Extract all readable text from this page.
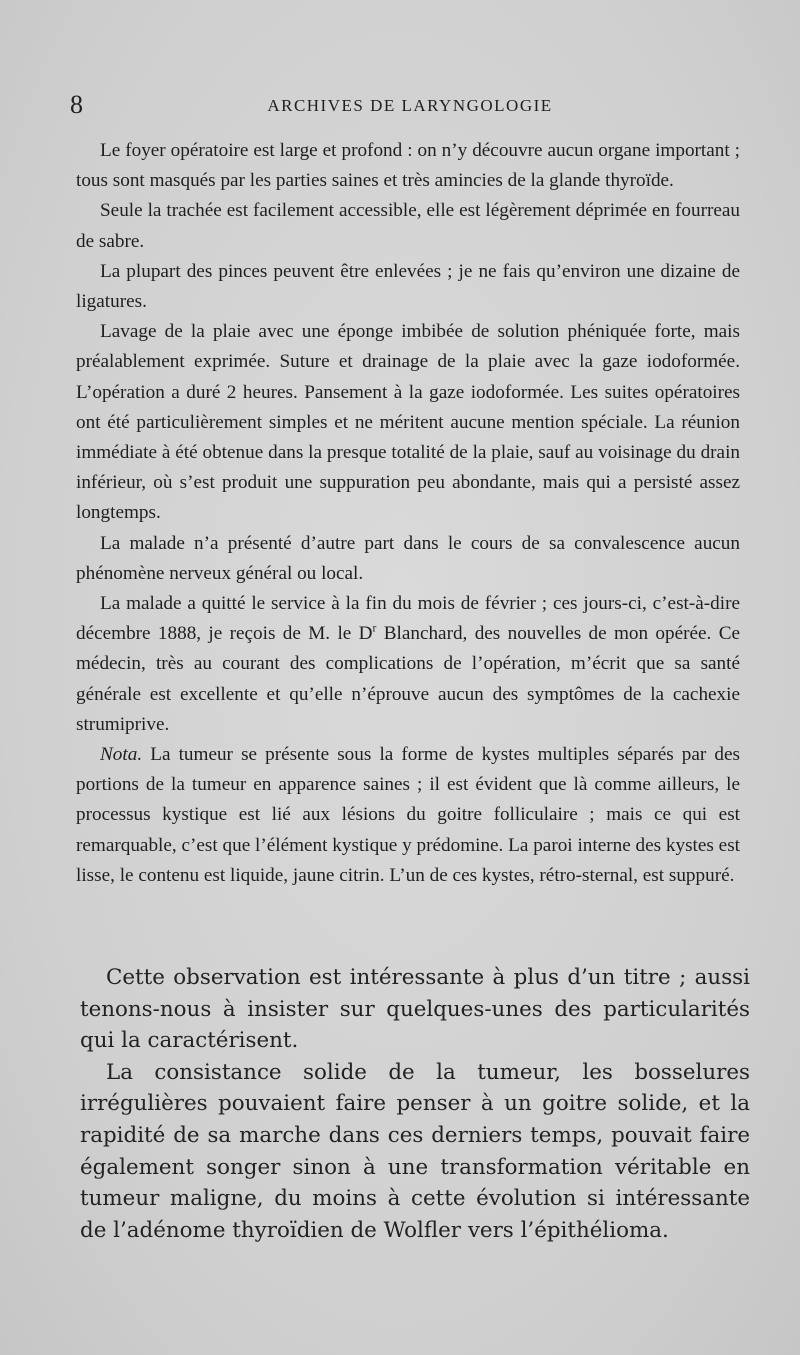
8	ARCHIVES DE LARYNGOLOGIE

Le foyer opératoire est large et profond : on n’y découvre aucun organe important ; tous sont masqués par les parties saines et très amincies de la glande thyroïde.

Seule la trachée est facilement accessible, elle est légèrement déprimée en fourreau de sabre.

La plupart des pinces peuvent être enlevées ; je ne fais qu’environ une dizaine de ligatures.

Lavage de la plaie avec une éponge imbibée de solution phéniquée forte, mais préalablement exprimée. Suture et drainage de la plaie avec la gaze iodoformée. L’opération a duré 2 heures. Pansement à la gaze iodoformée. Les suites opératoires ont été particulièrement simples et ne méritent aucune mention spéciale. La réunion immédiate à été obtenue dans la presque totalité de la plaie, sauf au voisinage du drain inférieur, où s’est produit une suppuration peu abondante, mais qui a persisté assez longtemps.

La malade n’a présenté d’autre part dans le cours de sa convalescence aucun phénomène nerveux général ou local.

La malade a quitté le service à la fin du mois de février ; ces jours-ci, c’est-à-dire décembre 1888, je reçois de M. le $D^r$ Blanchard, des nouvelles de mon opérée. Ce médecin, très au courant des complications de l’opération, m’écrit que sa santé générale est excellente et qu’elle n’éprouve aucun des symptômes de la cachexie strumiprive.

Nota. La tumeur se présente sous la forme de kystes multiples séparés par des portions de la tumeur en apparence saines ; il est évident que là comme ailleurs, le processus kystique est lié aux lésions du goitre folliculaire ; mais ce qui est remarquable, c’est que l’élément kystique y prédomine. La paroi interne des kystes est lisse, le contenu est liquide, jaune citrin. L’un de ces kystes, rétro-sternal, est suppuré.

Cette observation est intéressante à plus d’un titre ; aussi tenons-nous à insister sur quelques-unes des particularités qui la caractérisent.

La consistance solide de la tumeur, les bosselures irrégulières pouvaient faire penser à un goitre solide, et la rapidité de sa marche dans ces derniers temps, pouvait faire également songer sinon à une transformation véritable en tumeur maligne, du moins à cette évolution si intéressante de l’adénome thyroïdien de Wolfler vers l’épithélioma.
